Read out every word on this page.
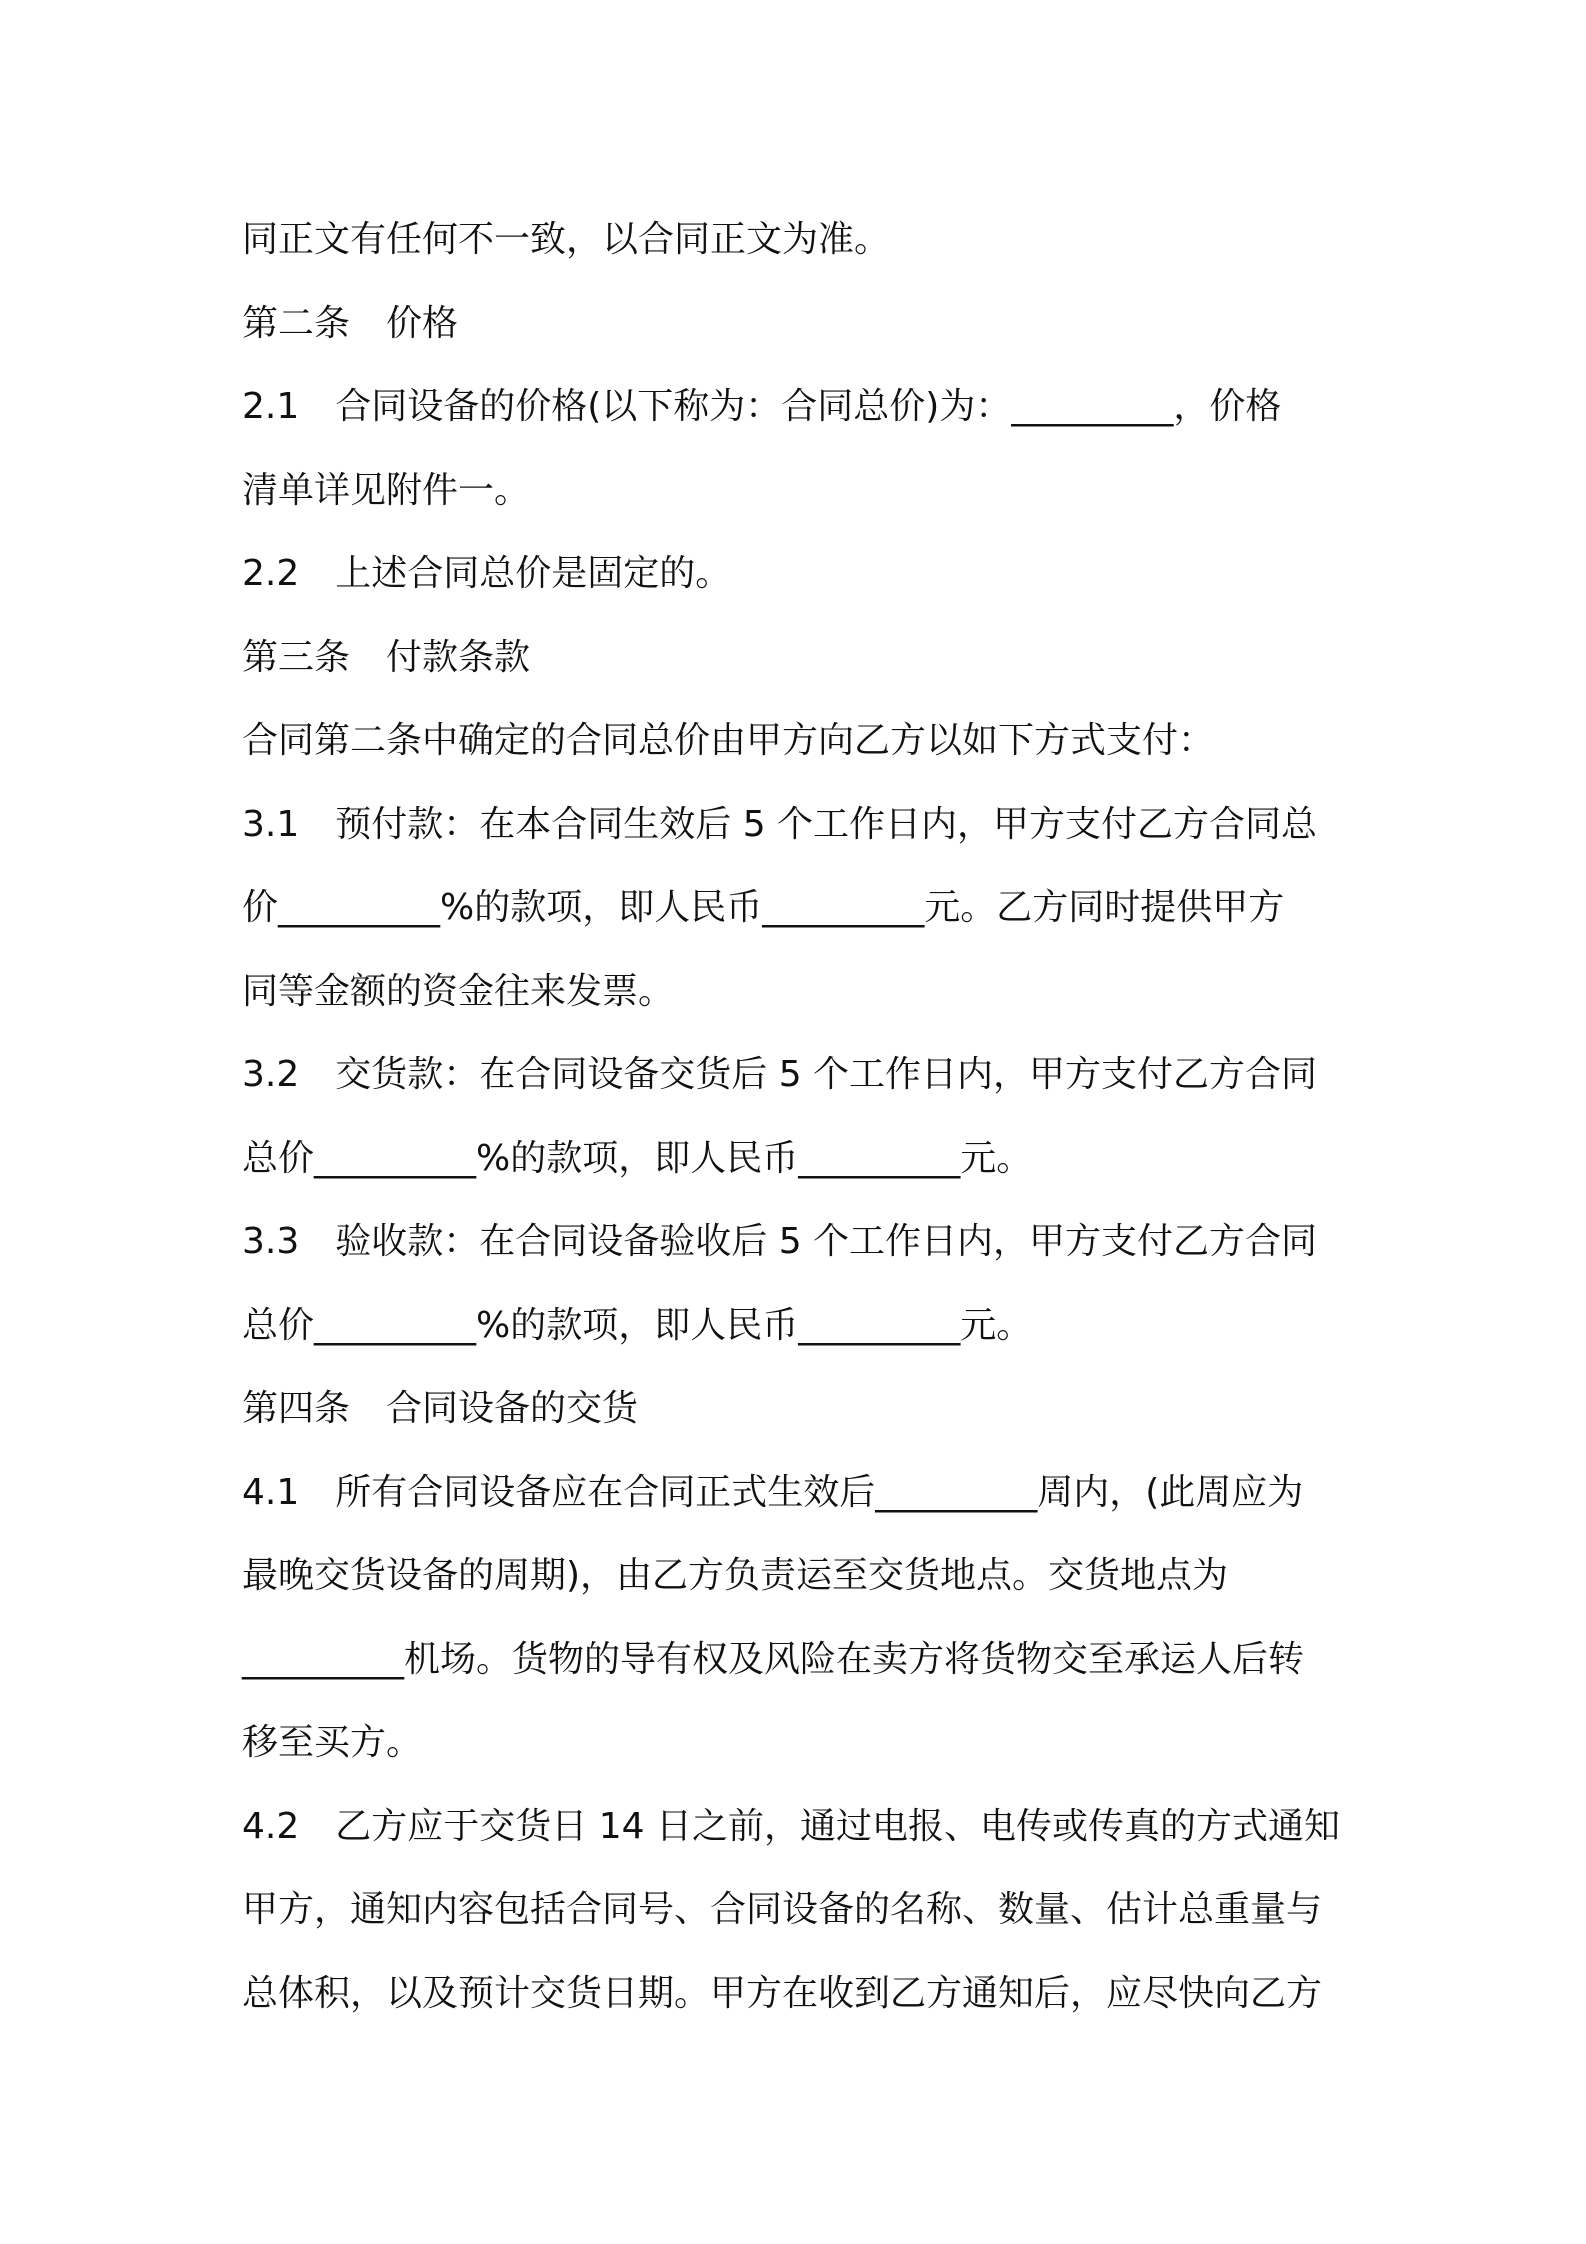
同正文有任何不一致，以合同正文为准。
第二条　价格
2.1　合同设备的价格(以下称为：合同总价)为：_________，价格
清单详见附件一。
2.2　上述合同总价是固定的。
第三条　付款条款
合同第二条中确定的合同总价由甲方向乙方以如下方式支付：
3.1　预付款：在本合同生效后 5 个工作日内，甲方支付乙方合同总
价_________%的款项，即人民币_________元。乙方同时提供甲方
同等金额的资金往来发票。
3.2　交货款：在合同设备交货后 5 个工作日内，甲方支付乙方合同
总价_________%的款项，即人民币_________元。
3.3　验收款：在合同设备验收后 5 个工作日内，甲方支付乙方合同
总价_________%的款项，即人民币_________元。
第四条　合同设备的交货
4.1　所有合同设备应在合同正式生效后_________周内，(此周应为
最晚交货设备的周期)，由乙方负责运至交货地点。交货地点为
_________机场。货物的导有权及风险在卖方将货物交至承运人后转
移至买方。
4.2　乙方应于交货日 14 日之前，通过电报、电传或传真的方式通知
甲方，通知内容包括合同号、合同设备的名称、数量、估计总重量与
总体积，以及预计交货日期。甲方在收到乙方通知后，应尽快向乙方
